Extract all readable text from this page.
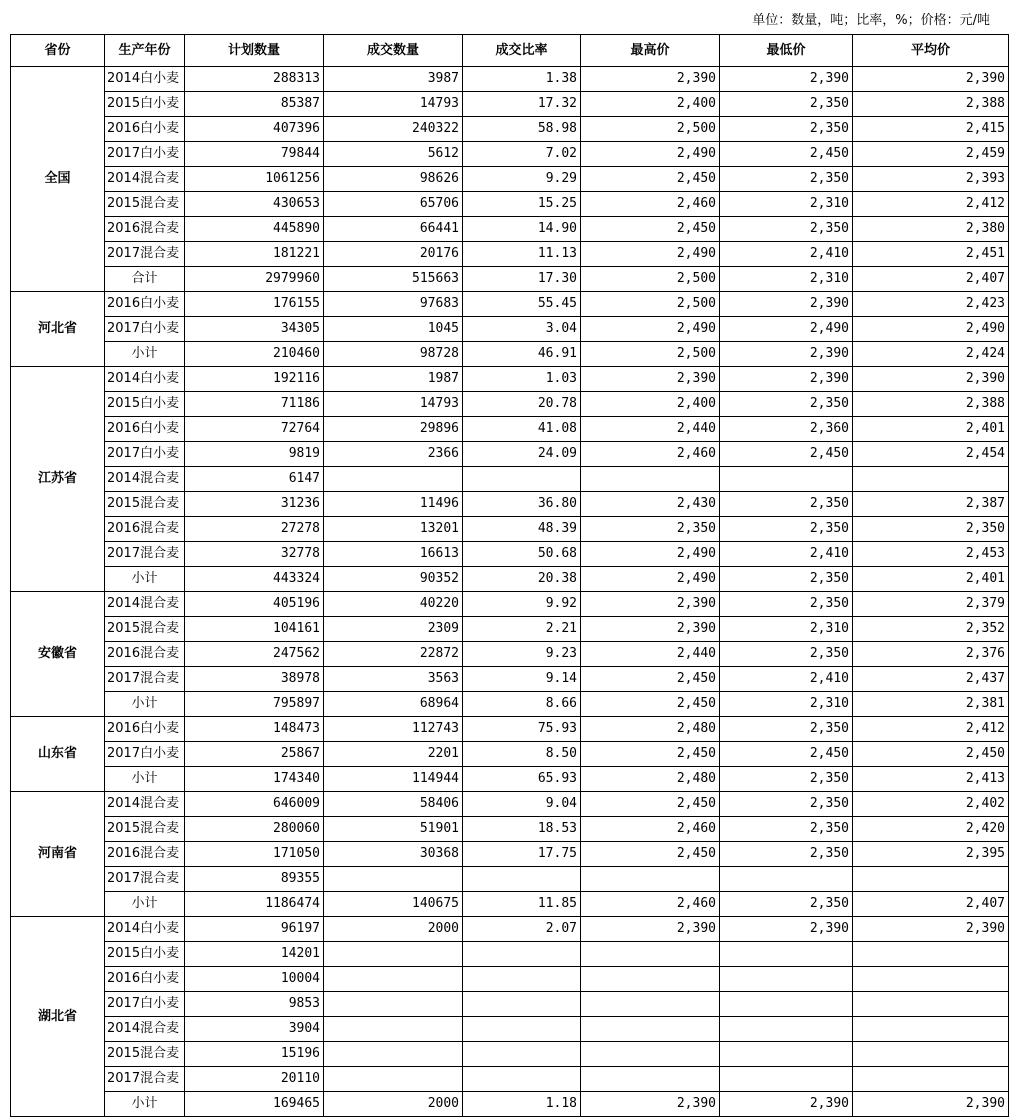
单位：数量，吨；比率，%；价格：元/吨
省份	生产年份	计划数量	成交数量	成交比率	最高价	最低价	平均价
全国	2014白小麦	288313	3987	1.38	2,390	2,390	2,390
	2015白小麦	85387	14793	17.32	2,400	2,350	2,388
	2016白小麦	407396	240322	58.98	2,500	2,350	2,415
	2017白小麦	79844	5612	7.02	2,490	2,450	2,459
	2014混合麦	1061256	98626	9.29	2,450	2,350	2,393
	2015混合麦	430653	65706	15.25	2,460	2,310	2,412
	2016混合麦	445890	66441	14.90	2,450	2,350	2,380
	2017混合麦	181221	20176	11.13	2,490	2,410	2,451
	合计	2979960	515663	17.30	2,500	2,310	2,407
河北省	2016白小麦	176155	97683	55.45	2,500	2,390	2,423
	2017白小麦	34305	1045	3.04	2,490	2,490	2,490
	小计	210460	98728	46.91	2,500	2,390	2,424
江苏省	2014白小麦	192116	1987	1.03	2,390	2,390	2,390
	2015白小麦	71186	14793	20.78	2,400	2,350	2,388
	2016白小麦	72764	29896	41.08	2,440	2,360	2,401
	2017白小麦	9819	2366	24.09	2,460	2,450	2,454
	2014混合麦	6147					
	2015混合麦	31236	11496	36.80	2,430	2,350	2,387
	2016混合麦	27278	13201	48.39	2,350	2,350	2,350
	2017混合麦	32778	16613	50.68	2,490	2,410	2,453
	小计	443324	90352	20.38	2,490	2,350	2,401
安徽省	2014混合麦	405196	40220	9.92	2,390	2,350	2,379
	2015混合麦	104161	2309	2.21	2,390	2,310	2,352
	2016混合麦	247562	22872	9.23	2,440	2,350	2,376
	2017混合麦	38978	3563	9.14	2,450	2,410	2,437
	小计	795897	68964	8.66	2,450	2,310	2,381
山东省	2016白小麦	148473	112743	75.93	2,480	2,350	2,412
	2017白小麦	25867	2201	8.50	2,450	2,450	2,450
	小计	174340	114944	65.93	2,480	2,350	2,413
河南省	2014混合麦	646009	58406	9.04	2,450	2,350	2,402
	2015混合麦	280060	51901	18.53	2,460	2,350	2,420
	2016混合麦	171050	30368	17.75	2,450	2,350	2,395
	2017混合麦	89355					
	小计	1186474	140675	11.85	2,460	2,350	2,407
湖北省	2014白小麦	96197	2000	2.07	2,390	2,390	2,390
	2015白小麦	14201					
	2016白小麦	10004					
	2017白小麦	9853					
	2014混合麦	3904					
	2015混合麦	15196					
	2017混合麦	20110					
	小计	169465	2000	1.18	2,390	2,390	2,390
